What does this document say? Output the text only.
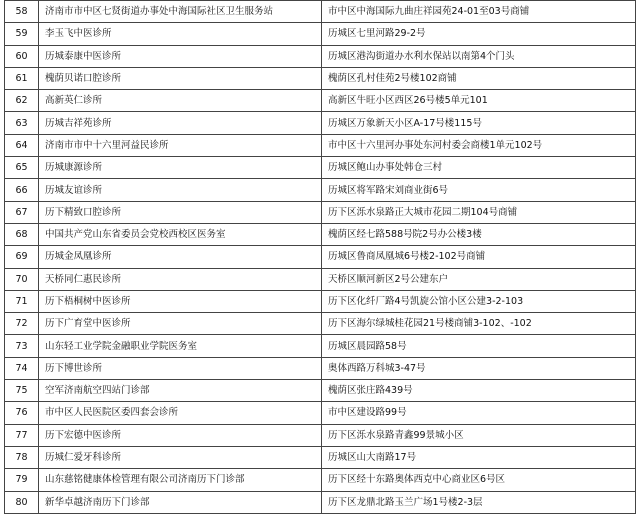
58	济南市市中区七贤街道办事处中海国际社区卫生服务站	市中区中海国际九曲庄祥园苑24-01至03号商铺
59	李玉飞中医诊所	历城区七里河路29-2号
60	历城泰康中医诊所	历城区港沟街道办水利水保站以南第4个门头
61	槐荫贝诺口腔诊所	槐荫区孔村佳苑2号楼102商铺
62	高新英仁诊所	高新区牛旺小区西区26号楼5单元101
63	历城吉祥苑诊所	历城区万象新天小区A-17号楼115号
64	济南市市中十六里河益民诊所	市中区十六里河办事处东河村委会商楼1单元102号
65	历城康源诊所	历城区鲍山办事处韩仓三村
66	历城友谊诊所	历城区将军路宋刘商业街6号
67	历下精致口腔诊所	历下区泺水泉路正大城市花园二期104号商铺
68	中国共产党山东省委员会党校西校区医务室	槐荫区经七路588号院2号办公楼3楼
69	历城金凤凰诊所	历城区鲁商凤凰城6号楼2-102号商铺
70	天桥同仁惠民诊所	天桥区顺河新区2号公建东户
71	历下梧桐树中医诊所	历下区化纤厂路4号凯旋公馆小区公建3-2-103
72	历下广育堂中医诊所	历下区海尔绿城桂花园21号楼商铺3-102、-102
73	山东轻工业学院金融职业学院医务室	历城区晨园路58号
74	历下博世诊所	奥体西路万科城3-47号
75	空军济南航空四站门诊部	槐荫区张庄路439号
76	市中区人民医院区委四套会诊所	市中区建设路99号
77	历下宏德中医诊所	历下区泺水泉路青鑫99景城小区
78	历城仁爱牙科诊所	历城区山大南路17号
79	山东慈铭健康体检管理有限公司济南历下门诊部	历下区经十东路奥体西克中心商业区6号区
80	新华卓越济南历下门诊部	历下区龙鼎北路玉兰广场1号楼2-3层
